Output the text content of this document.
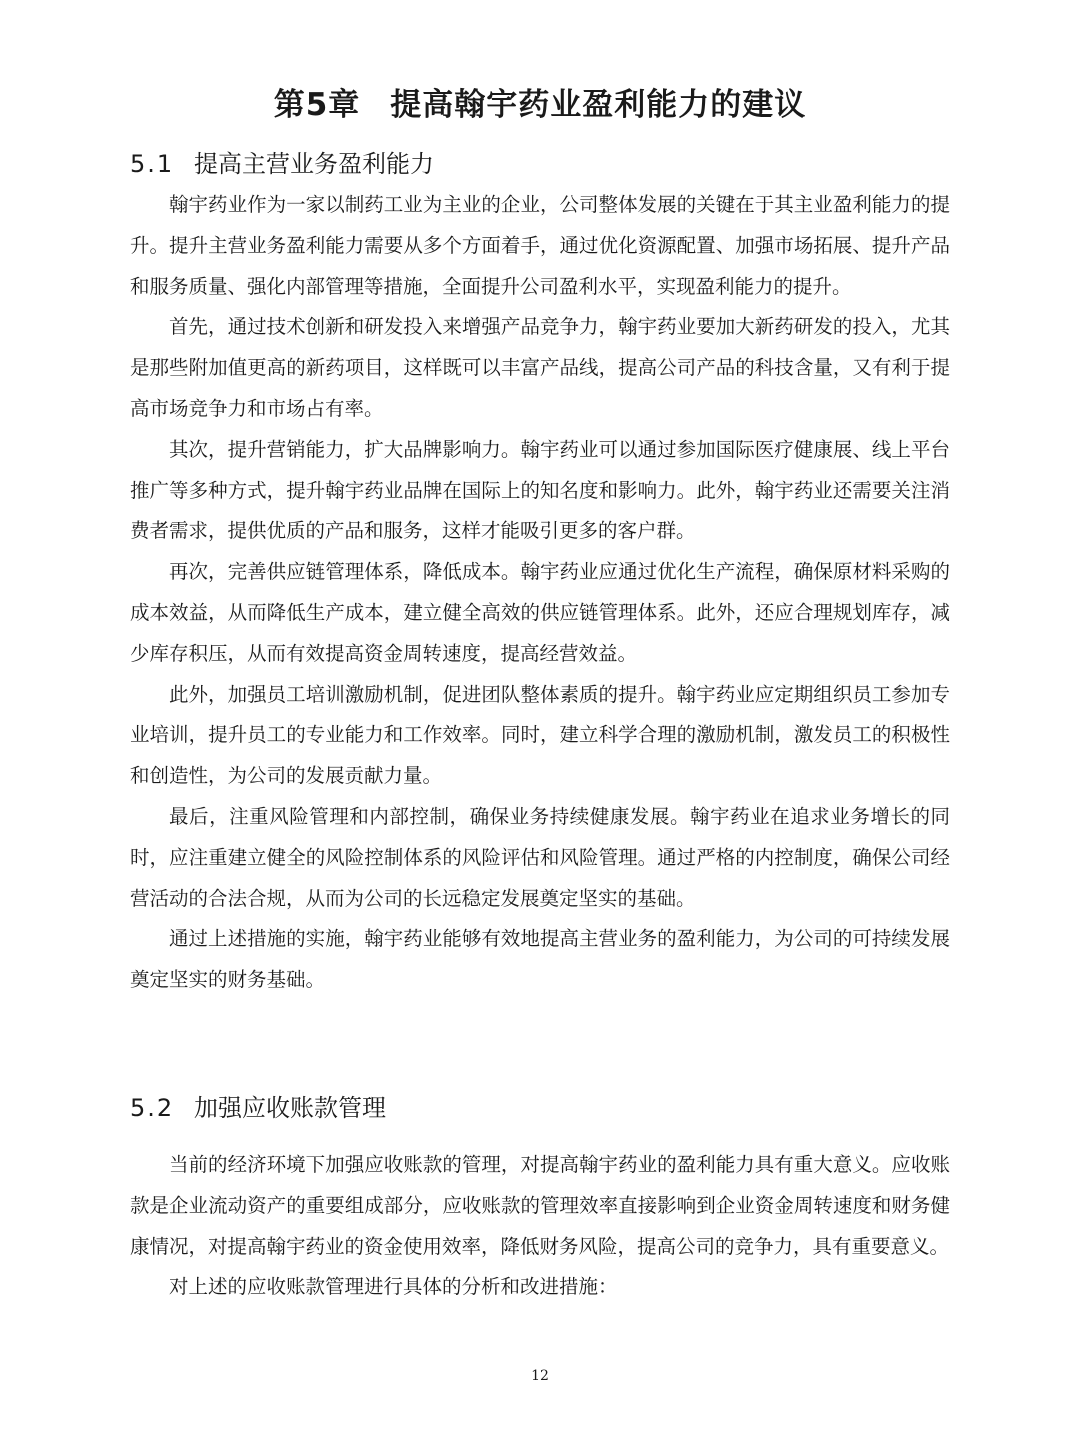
第5章 提高翰宇药业盈利能力的建议
5.1 提高主营业务盈利能力

翰宇药业作为一家以制药工业为主业的企业，公司整体发展的关键在于其主业盈利能力的提升。提升主营业务盈利能力需要从多个方面着手，通过优化资源配置、加强市场拓展、提升产品和服务质量、强化内部管理等措施，全面提升公司盈利水平，实现盈利能力的提升。

首先，通过技术创新和研发投入来增强产品竞争力，翰宇药业要加大新药研发的投入，尤其是那些附加值更高的新药项目，这样既可以丰富产品线，提高公司产品的科技含量，又有利于提高市场竞争力和市场占有率。

其次，提升营销能力，扩大品牌影响力。翰宇药业可以通过参加国际医疗健康展、线上平台推广等多种方式，提升翰宇药业品牌在国际上的知名度和影响力。此外，翰宇药业还需要关注消费者需求，提供优质的产品和服务，这样才能吸引更多的客户群。

再次，完善供应链管理体系，降低成本。翰宇药业应通过优化生产流程，确保原材料采购的成本效益，从而降低生产成本，建立健全高效的供应链管理体系。此外，还应合理规划库存，减少库存积压，从而有效提高资金周转速度，提高经营效益。

此外，加强员工培训激励机制，促进团队整体素质的提升。翰宇药业应定期组织员工参加专业培训，提升员工的专业能力和工作效率。同时，建立科学合理的激励机制，激发员工的积极性和创造性，为公司的发展贡献力量。

最后，注重风险管理和内部控制，确保业务持续健康发展。翰宇药业在追求业务增长的同时，应注重建立健全的风险控制体系的风险评估和风险管理。通过严格的内控制度，确保公司经营活动的合法合规，从而为公司的长远稳定发展奠定坚实的基础。

通过上述措施的实施，翰宇药业能够有效地提高主营业务的盈利能力，为公司的可持续发展奠定坚实的财务基础。

5.2 加强应收账款管理

当前的经济环境下加强应收账款的管理，对提高翰宇药业的盈利能力具有重大意义。应收账款是企业流动资产的重要组成部分，应收账款的管理效率直接影响到企业资金周转速度和财务健康情况，对提高翰宇药业的资金使用效率，降低财务风险，提高公司的竞争力，具有重要意义。

对上述的应收账款管理进行具体的分析和改进措施：

12
